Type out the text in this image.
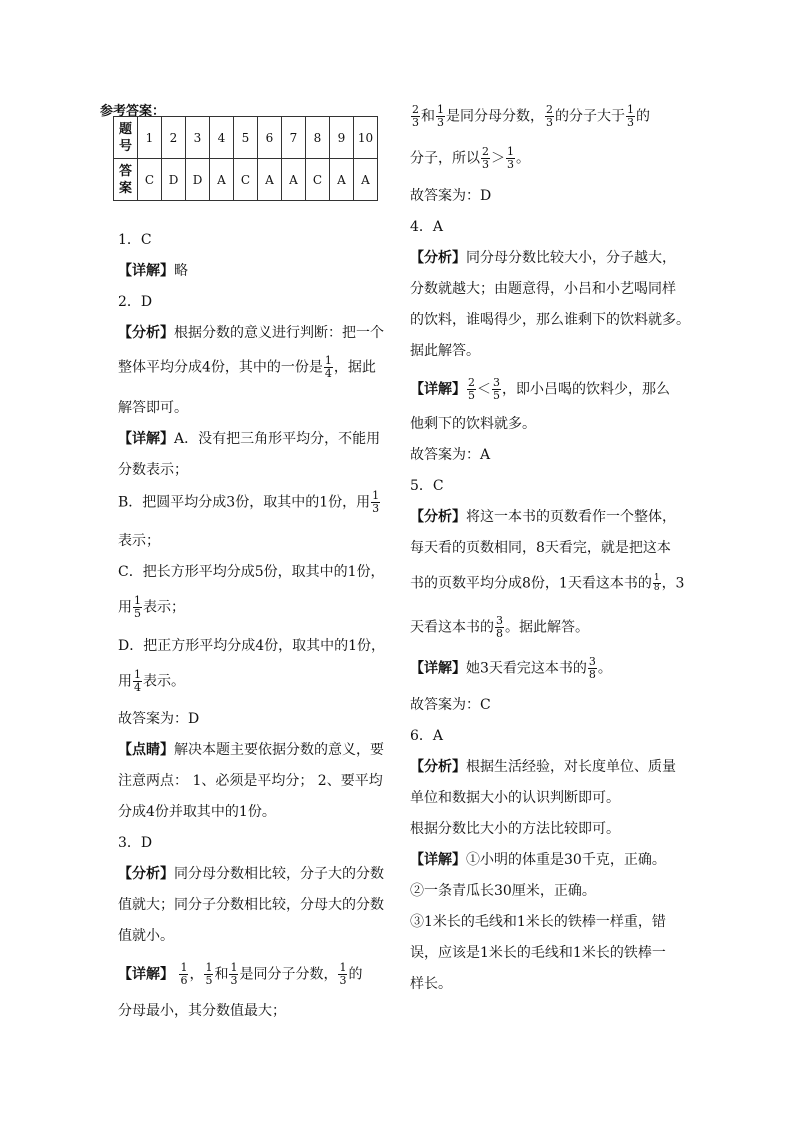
参考答案：
题
号	1	2	3	4	5	6	7	8	9	10
答
案	C	D	D	A	C	A	A	C	A	A
1．C
【详解】略
2．D
【分析】根据分数的意义进行判断：把一个
整体平均分成4份，其中的一份是 $\frac{1}{4}$ ，据此
解答即可。
【详解】A．没有把三角形平均分，不能用
分数表示；
B．把圆平均分成3份，取其中的1份，用 $\frac{1}{3}$
表示；
C．把长方形平均分成5份，取其中的1份，
用 $\frac{1}{5}$ 表示；
D．把正方形平均分成4份，取其中的1份，
用 $\frac{1}{4}$ 表示。
故答案为：D
【点睛】解决本题主要依据分数的意义，要
注意两点： 1、必须是平均分； 2、要平均
分成4份并取其中的1份。
3．D
【分析】同分母分数相比较，分子大的分数
值就大；同分子分数相比较，分母大的分数
值就小。
【详解】 $\frac{1}{6}$ ， $\frac{1}{5}$ 和 $\frac{1}{3}$ 是同分子分数， $\frac{1}{3}$ 的
分母最小，其分数值最大；
$\frac{2}{3}$ 和 $\frac{1}{3}$ 是同分母分数， $\frac{2}{3}$ 的分子大于 $\frac{1}{3}$ 的
分子，所以 $\frac{2}{3} > \frac{1}{3}$ 。
故答案为：D
4．A
【分析】同分母分数比较大小，分子越大，
分数就越大；由题意得，小吕和小艺喝同样
的饮料，谁喝得少，那么谁剩下的饮料就多。
据此解答。
【详解】 $\frac{2}{5} < \frac{3}{5}$ ，即小吕喝的饮料少，那么
他剩下的饮料就多。
故答案为：A
5．C
【分析】将这一本书的页数看作一个整体，
每天看的页数相同，8天看完，就是把这本
书的页数平均分成8份，1天看这本书的 $\frac{1}{8}$ ，3
天看这本书的 $\frac{3}{8}$ 。据此解答。
【详解】她3天看完这本书的 $\frac{3}{8}$ 。
故答案为：C
6．A
【分析】根据生活经验，对长度单位、质量
单位和数据大小的认识判断即可。
根据分数比大小的方法比较即可。
【详解】①小明的体重是30千克，正确。
②一条青瓜长30厘米，正确。
③1米长的毛线和1米长的铁棒一样重，错
误，应该是1米长的毛线和1米长的铁棒一
样长。
